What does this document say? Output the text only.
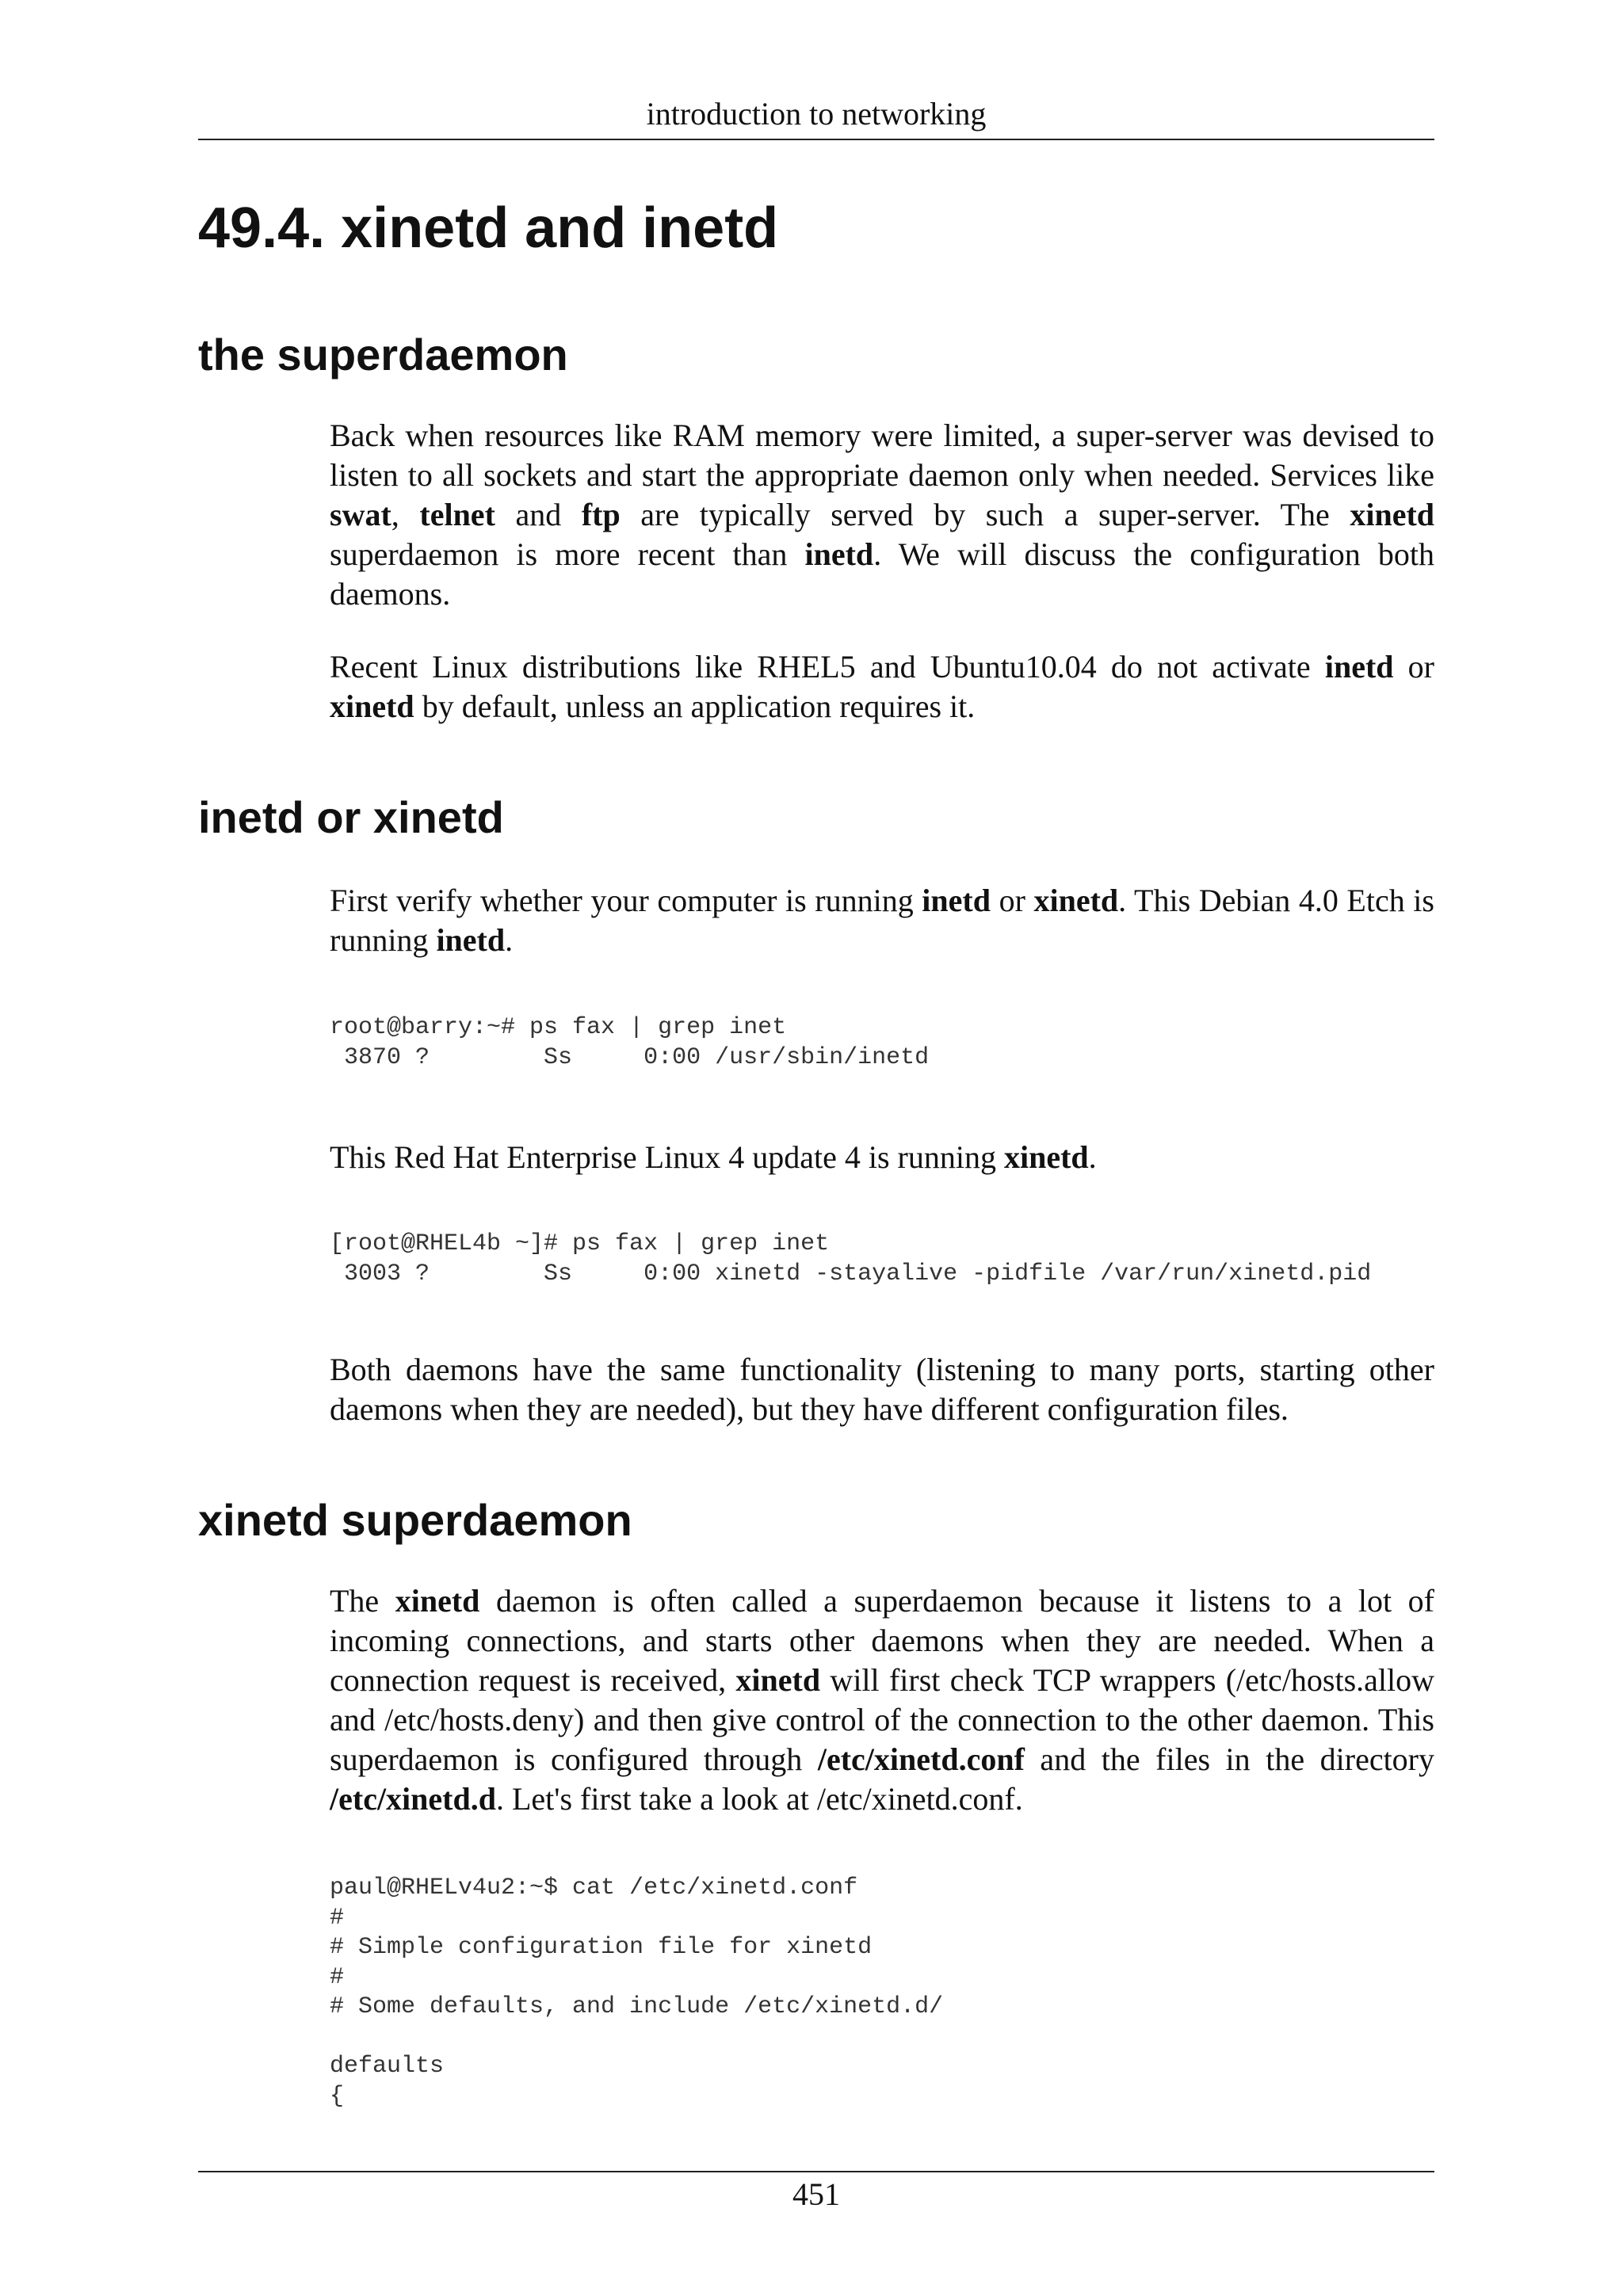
introduction to networking
49.4. xinetd and inetd
the superdaemon

Back when resources like RAM memory were limited, a super-server was devised to listen to all sockets and start the appropriate daemon only when needed. Services like swat, telnet and ftp are typically served by such a super-server. The xinetd superdaemon is more recent than inetd. We will discuss the configuration both daemons.

Recent Linux distributions like RHEL5 and Ubuntu10.04 do not activate inetd or xinetd by default, unless an application requires it.

inetd or xinetd

First verify whether your computer is running inetd or xinetd. This Debian 4.0 Etch is running inetd.

root@barry:~# ps fax | grep inet
3870 ?        Ss     0:00 /usr/sbin/inetd

This Red Hat Enterprise Linux 4 update 4 is running xinetd.

[root@RHEL4b ~]# ps fax | grep inet
3003 ?        Ss     0:00 xinetd -stayalive -pidfile /var/run/xinetd.pid

Both daemons have the same functionality (listening to many ports, starting other daemons when they are needed), but they have different configuration files.

xinetd superdaemon

The xinetd daemon is often called a superdaemon because it listens to a lot of incoming connections, and starts other daemons when they are needed. When a connection request is received, xinetd will first check TCP wrappers (/etc/hosts.allow and /etc/hosts.deny) and then give control of the connection to the other daemon. This superdaemon is configured through /etc/xinetd.conf and the files in the directory /etc/xinetd.d. Let's first take a look at /etc/xinetd.conf.

paul@RHELv4u2:~$ cat /etc/xinetd.conf
#
# Simple configuration file for xinetd
#
# Some defaults, and include /etc/xinetd.d/

defaults
{
451
